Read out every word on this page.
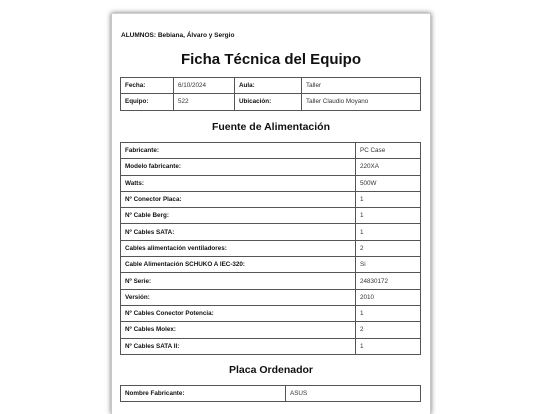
ALUMNOS: Bebiana, Álvaro y Sergio
Ficha Técnica del Equipo
Fecha:	6/10/2024	Aula:	Taller
Equipo:	522	Ubicación:	Taller Claudio Moyano
Fuente de Alimentación
Fabricante:	PC Case
Modelo fabricante:	220XA
Watts:	500W
Nº Conector Placa:	1
Nº Cable Berg:	1
Nº Cables SATA:	1
Cables alimentación ventiladores:	2
Cable Alimentación SCHUKO A IEC-320:	Si
Nº Serie:	24830172
Versión:	2010
Nº Cables Conector Potencia:	1
Nº Cables Molex:	2
Nº Cables SATA II:	1
Placa Ordenador
Nombre Fabricante:	ASUS
